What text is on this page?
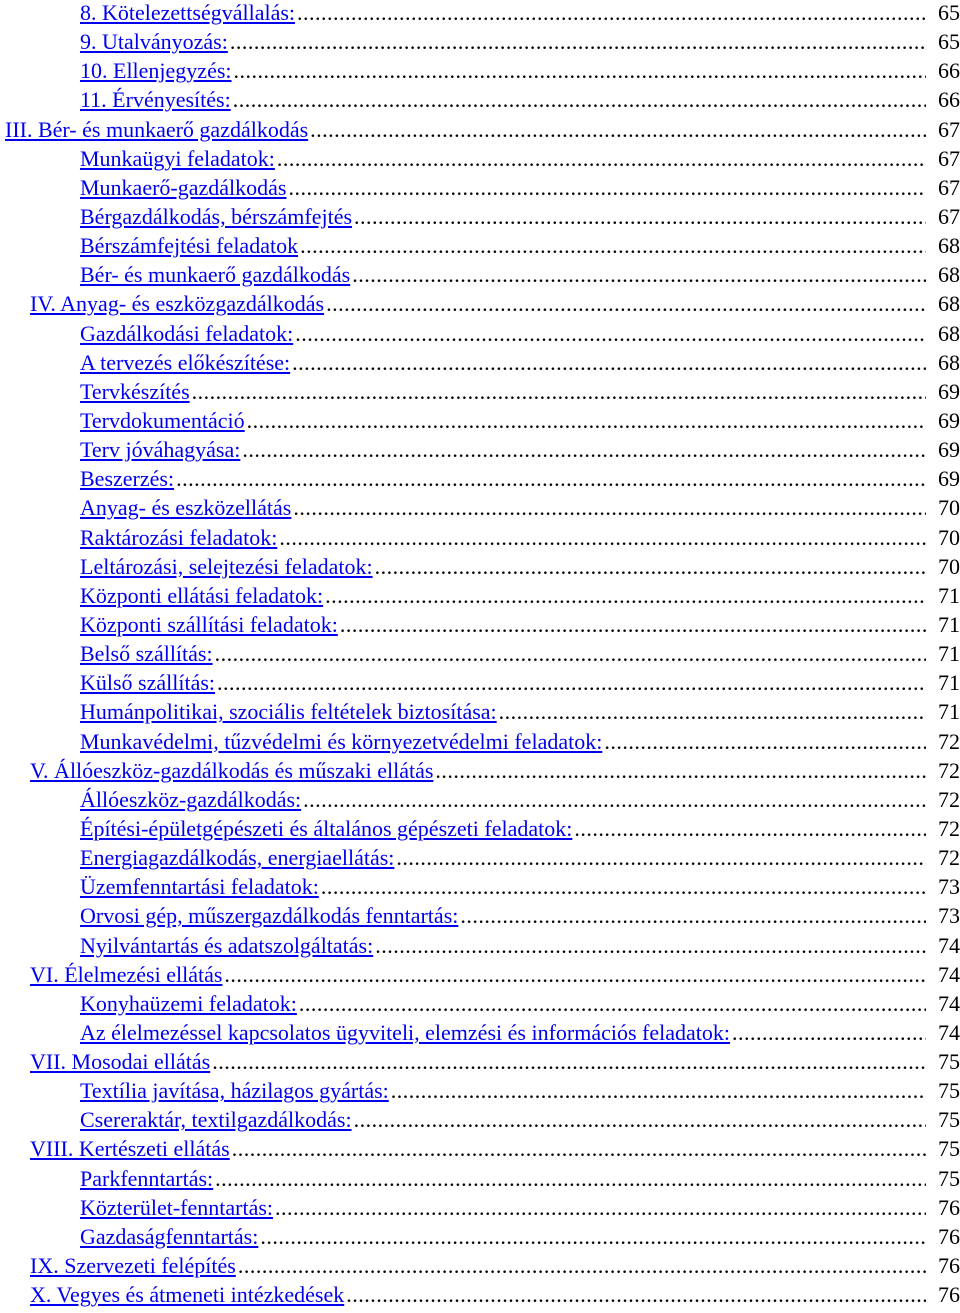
8. Kötelezettségvállalás: .....	65
9. Utalványozás: .....	65
10. Ellenjegyzés: .....	66
11. Érvényesítés: .....	66
III. Bér- és munkaerő gazdálkodás .....	67
Munkaügyi feladatok: .....	67
Munkaerő-gazdálkodás .....	67
Bérgazdálkodás, bérszámfejtés .....	67
Bérszámfejtési feladatok .....	68
Bér- és munkaerő gazdálkodás .....	68
IV. Anyag- és eszközgazdálkodás .....	68
Gazdálkodási feladatok: .....	68
A tervezés előkészítése: .....	68
Tervkészítés .....	69
Tervdokumentáció .....	69
Terv jóváhagyása: .....	69
Beszerzés: .....	69
Anyag- és eszközellátás .....	70
Raktározási feladatok: .....	70
Leltározási, selejtezési feladatok: .....	70
Központi ellátási feladatok: .....	71
Központi szállítási feladatok: .....	71
Belső szállítás: .....	71
Külső szállítás: .....	71
Humánpolitikai, szociális feltételek biztosítása: .....	71
Munkavédelmi, tűzvédelmi és környezetvédelmi feladatok: .....	72
V. Állóeszköz-gazdálkodás és műszaki ellátás .....	72
Állóeszköz-gazdálkodás: .....	72
Építési-épületgépészeti és általános gépészeti feladatok: .....	72
Energiagazdálkodás, energiaellátás: .....	72
Üzemfenntartási feladatok: .....	73
Orvosi gép, műszergazdálkodás fenntartás: .....	73
Nyilvántartás és adatszolgáltatás: .....	74
VI. Élelmezési ellátás .....	74
Konyhaüzemi feladatok: .....	74
Az élelmezéssel kapcsolatos ügyviteli, elemzési és információs feladatok: .....	74
VII. Mosodai ellátás .....	75
Textília javítása, házilagos gyártás: .....	75
Csereraktár, textilgazdálkodás: .....	75
VIII. Kertészeti ellátás .....	75
Parkfenntartás: .....	75
Közterület-fenntartás: .....	76
Gazdaságfenntartás: .....	76
IX. Szervezeti felépítés .....	76
X. Vegyes és átmeneti intézkedések .....	76
